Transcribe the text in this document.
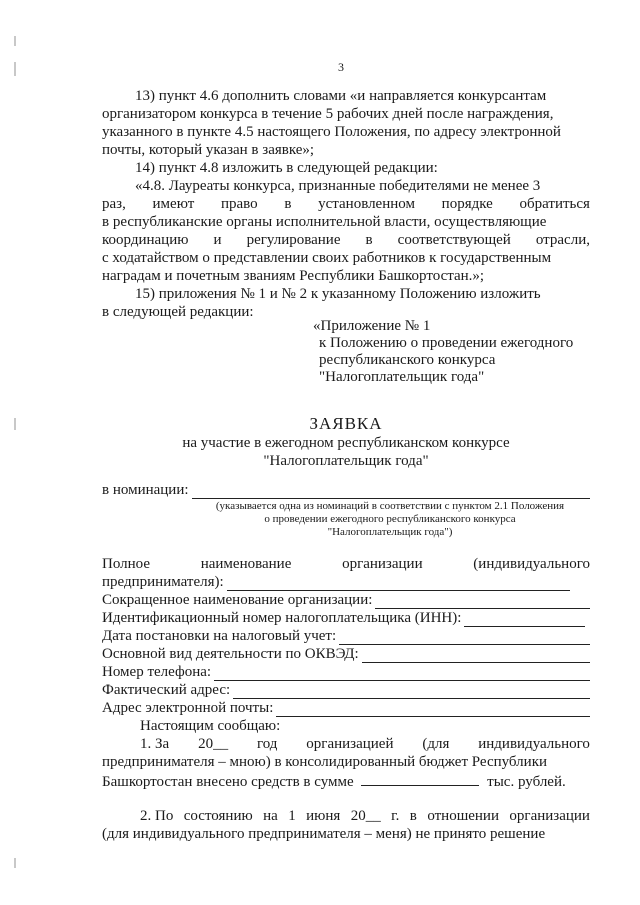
3
13) пункт 4.6 дополнить словами «и направляется конкурсантам
организатором конкурса в течение 5 рабочих дней после награждения,
указанного в пункте 4.5 настоящего Положения, по адресу электронной
почты, который указан в заявке»;
14) пункт 4.8 изложить в следующей редакции:
«4.8. Лауреаты конкурса, признанные победителями не менее 3
раз, имеют право в установленном порядке обратиться
в республиканские органы исполнительной власти, осуществляющие
координацию и регулирование в соответствующей отрасли,
с ходатайством о представлении своих работников к государственным
наградам и почетным званиям Республики Башкортостан.»;
15) приложения № 1 и № 2 к указанному Положению изложить
в следующей редакции:
«Приложение № 1
к Положению о проведении ежегодного
республиканского конкурса
"Налогоплательщик года"
ЗАЯВКА
на участие в ежегодном республиканском конкурсе
"Налогоплательщик года"
в номинации:
(указывается одна из номинаций в соответствии с пунктом 2.1 Положения
о проведении ежегодного республиканского конкурса
"Налогоплательщик года")
Полное	наименование	организации	(индивидуального
предпринимателя):
Сокращенное наименование организации:
Идентификационный номер налогоплательщика (ИНН):
Дата постановки на налоговый учет:
Основной вид деятельности по ОКВЭД:
Номер телефона:
Фактический адрес:
Адрес электронной почты:
Настоящим сообщаю:
1. За 20__ год организацией (для индивидуального
предпринимателя – мною) в консолидированный бюджет Республики
Башкортостан внесено средств в сумме	тыс. рублей.
2. По состоянию на 1 июня 20__ г. в отношении организации
(для индивидуального предпринимателя – меня) не принято решение
